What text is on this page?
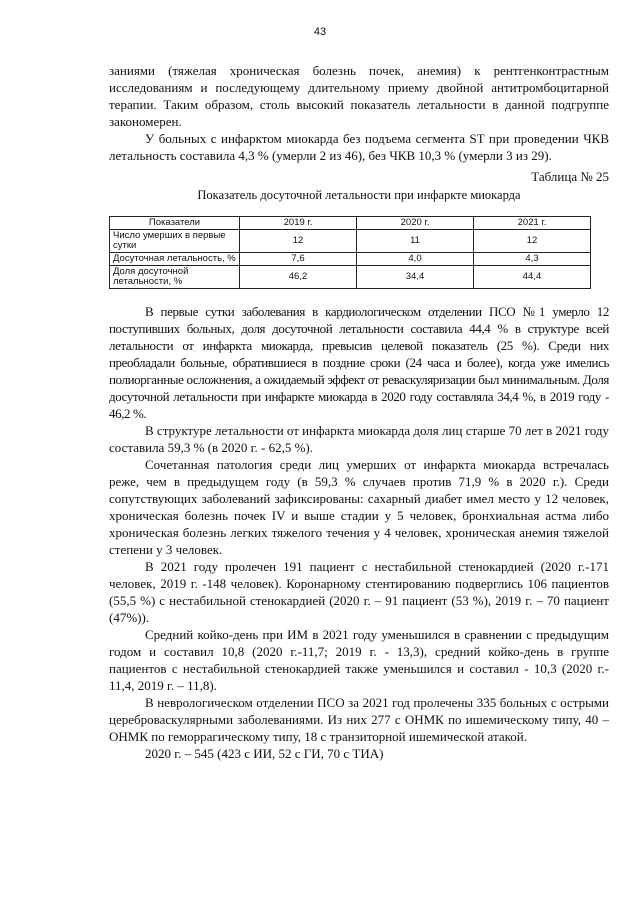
43

заниями (тяжелая хроническая болезнь почек, анемия) к рентгенконтрастным исследованиям и последующему длительному приему двойной антитромбоцитарной терапии. Таким образом, столь высокий показатель летальности в данной подгруппе закономерен.

У больных с инфарктом миокарда без подъема сегмента ST при проведении ЧКВ летальность составила 4,3 % (умерли 2 из 46), без ЧКВ 10,3 % (умерли 3 из 29).

Таблица № 25
Показатель досуточной летальности при инфаркте миокарда
Показатели	2019 г.	2020 г.	2021 г.
Число умерших в первые сутки	12	11	12
Досуточная летальность, %	7,6	4,0	4,3
Доля досуточной летальности, %	46,2	34,4	44,4

В первые сутки заболевания в кардиологическом отделении ПСО №1 умерло 12 поступивших больных, доля досуточной летальности составила 44,4 % в структуре всей летальности от инфаркта миокарда, превысив целевой показатель (25 %). Среди них преобладали больные, обратившиеся в поздние сроки (24 часа и более), когда уже имелись полиорганные осложнения, а ожидаемый эффект от реваскуляризации был минимальным. Доля досуточной летальности при инфаркте миокарда в 2020 году составляла 34,4 %, в 2019 году - 46,2 %.

В структуре летальности от инфаркта миокарда доля лиц старше 70 лет в 2021 году составила 59,3 % (в 2020 г. - 62,5 %).

Сочетанная патология среди лиц умерших от инфаркта миокарда встречалась реже, чем в предыдущем году (в 59,3 % случаев против 71,9 % в 2020 г.). Среди сопутствующих заболеваний зафиксированы: сахарный диабет имел место у 12 человек, хроническая болезнь почек IV и выше стадии у 5 человек, бронхиальная астма либо хроническая болезнь легких тяжелого течения у 4 человек, хроническая анемия тяжелой степени у 3 человек.

В 2021 году пролечен 191 пациент с нестабильной стенокардией (2020 г.-171 человек, 2019 г. -148 человек). Коронарному стентированию подверглись 106 пациентов (55,5 %) с нестабильной стенокардией (2020 г. – 91 пациент (53 %), 2019 г. – 70 пациент (47%)).

Средний койко-день при ИМ в 2021 году уменьшился в сравнении с предыдущим годом и составил 10,8 (2020 г.-11,7; 2019 г. - 13,3), средний койко-день в группе пациентов с нестабильной стенокардией также уменьшился и составил - 10,3 (2020 г.- 11,4, 2019 г. – 11,8).

В неврологическом отделении ПСО за 2021 год пролечены 335 больных с острыми цереброваскулярными заболеваниями. Из них 277 с ОНМК по ишемическому типу, 40 – ОНМК по геморрагическому типу, 18 с транзиторной ишемической атакой.

2020 г. – 545 (423 с ИИ, 52 с ГИ, 70 с ТИА)
